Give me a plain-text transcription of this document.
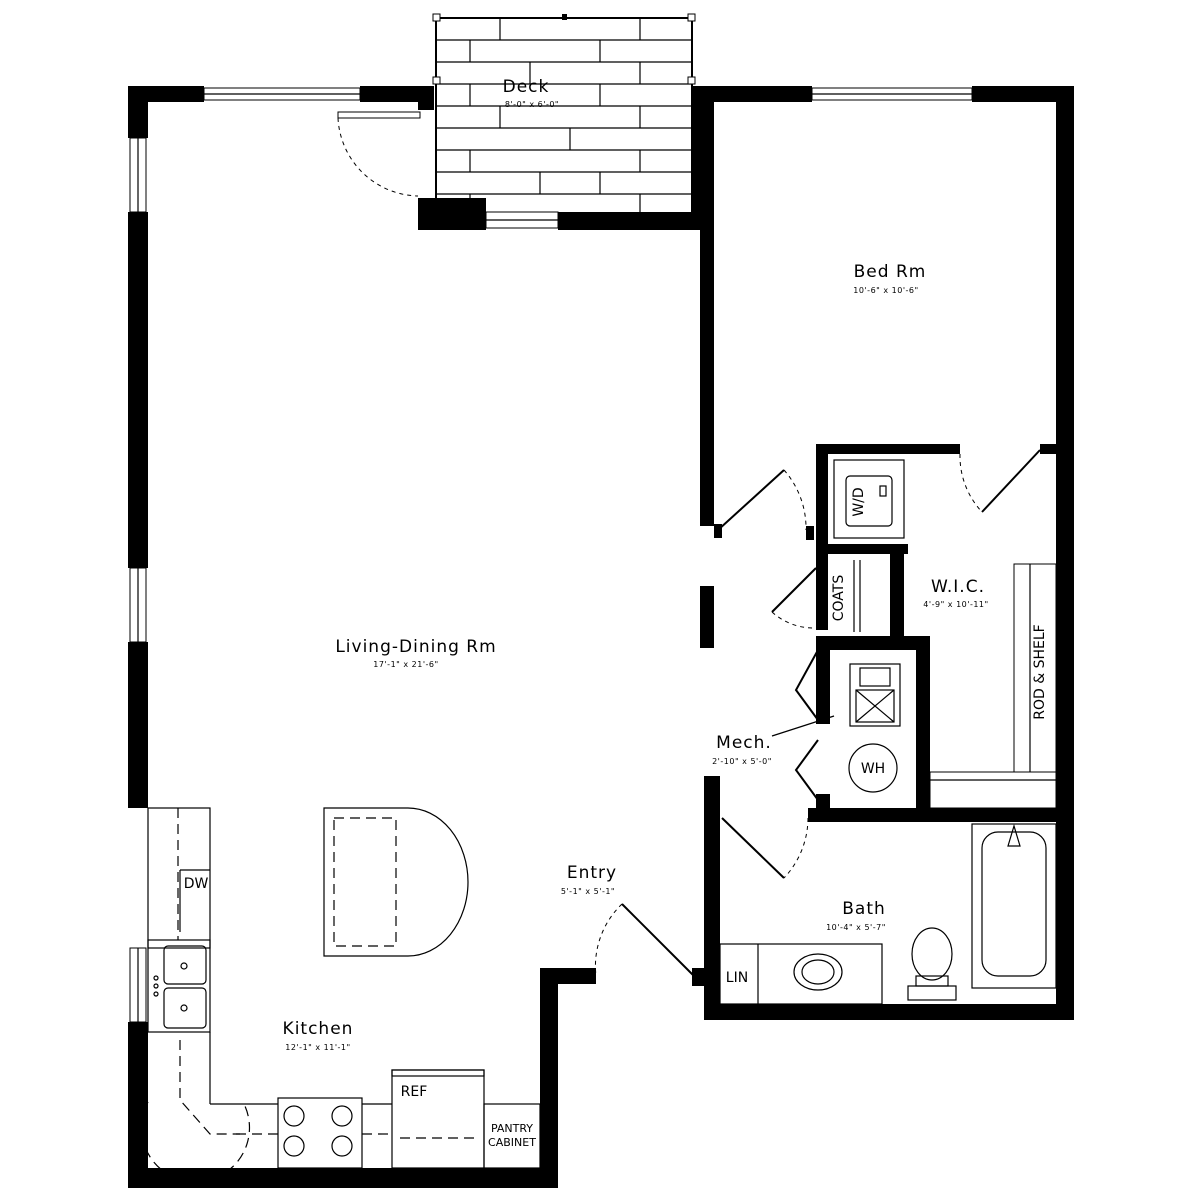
W/D
COATS
ROD & SHELF
WH
LIN
DW
REF
PANTRY
CABINET
Deck
8'-0" x 6'-0"
Bed Rm
10'-6" x 10'-6"
Living-Dining Rm
17'-1" x 21'-6"
W.I.C.
4'-9" x 10'-11"
Mech.
2'-10" x 5'-0"
Entry
5'-1" x 5'-1"
Bath
10'-4" x 5'-7"
Kitchen
12'-1" x 11'-1"
